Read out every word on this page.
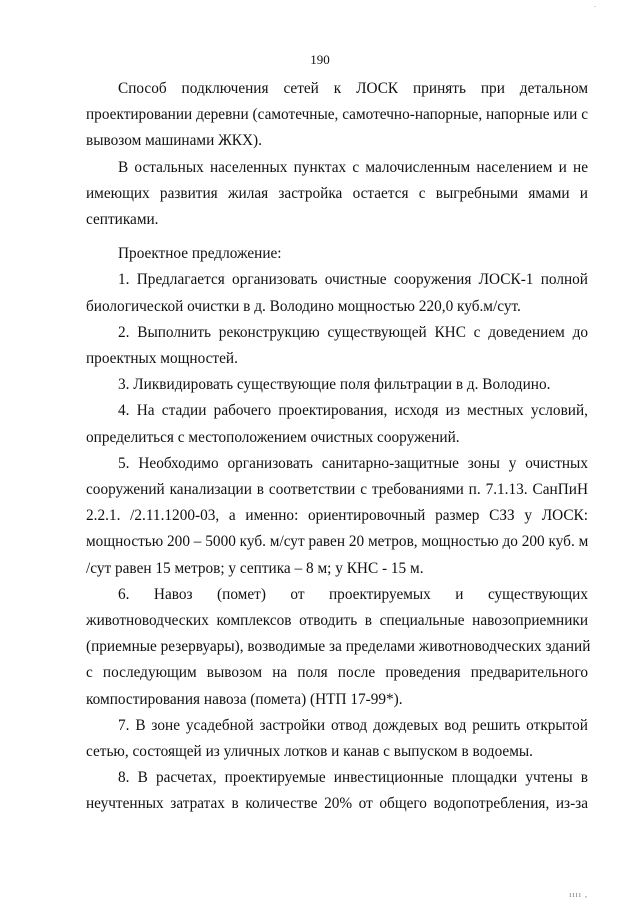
.
190

Способ подключения сетей к ЛОСК принять при детальном
проектировании деревни (самотечные, самотечно-напорные, напорные или с
вывозом машинами ЖКХ).

В остальных населенных пунктах с малочисленным населением и не
имеющих развития жилая застройка остается с выгребными ямами и
септиками.

Проектное предложение:

1. Предлагается организовать очистные сооружения ЛОСК-1 полной
биологической очистки в д. Володино мощностью 220,0 куб.м/сут.

2. Выполнить реконструкцию существующей КНС с доведением до
проектных мощностей.

3. Ликвидировать существующие поля фильтрации в д. Володино.

4. На стадии рабочего проектирования, исходя из местных условий,
определиться с местоположением очистных сооружений.

5. Необходимо организовать санитарно-защитные зоны у очистных
сооружений канализации в соответствии с требованиями п. 7.1.13. СанПиН
2.2.1. /2.11.1200-03, а именно: ориентировочный размер СЗЗ у ЛОСК:
мощностью 200 – 5000 куб. м/сут равен 20 метров, мощностью до 200 куб. м
/сут равен 15 метров; у септика – 8 м; у КНС - 15 м.

6. Навоз (помет) от проектируемых и существующих
животноводческих комплексов отводить в специальные навозоприемники
(приемные резервуары), возводимые за пределами животноводческих зданий
с последующим вывозом на поля после проведения предварительного
компостирования навоза (помета) (НТП 17-99*).

7. В зоне усадебной застройки отвод дождевых вод решить открытой
сетью, состоящей из уличных лотков и канав с выпуском в водоемы.

8. В расчетах, проектируемые инвестиционные площадки учтены в
неучтенных затратах в количестве 20% от общего водопотребления, из-за

ıııı ,
